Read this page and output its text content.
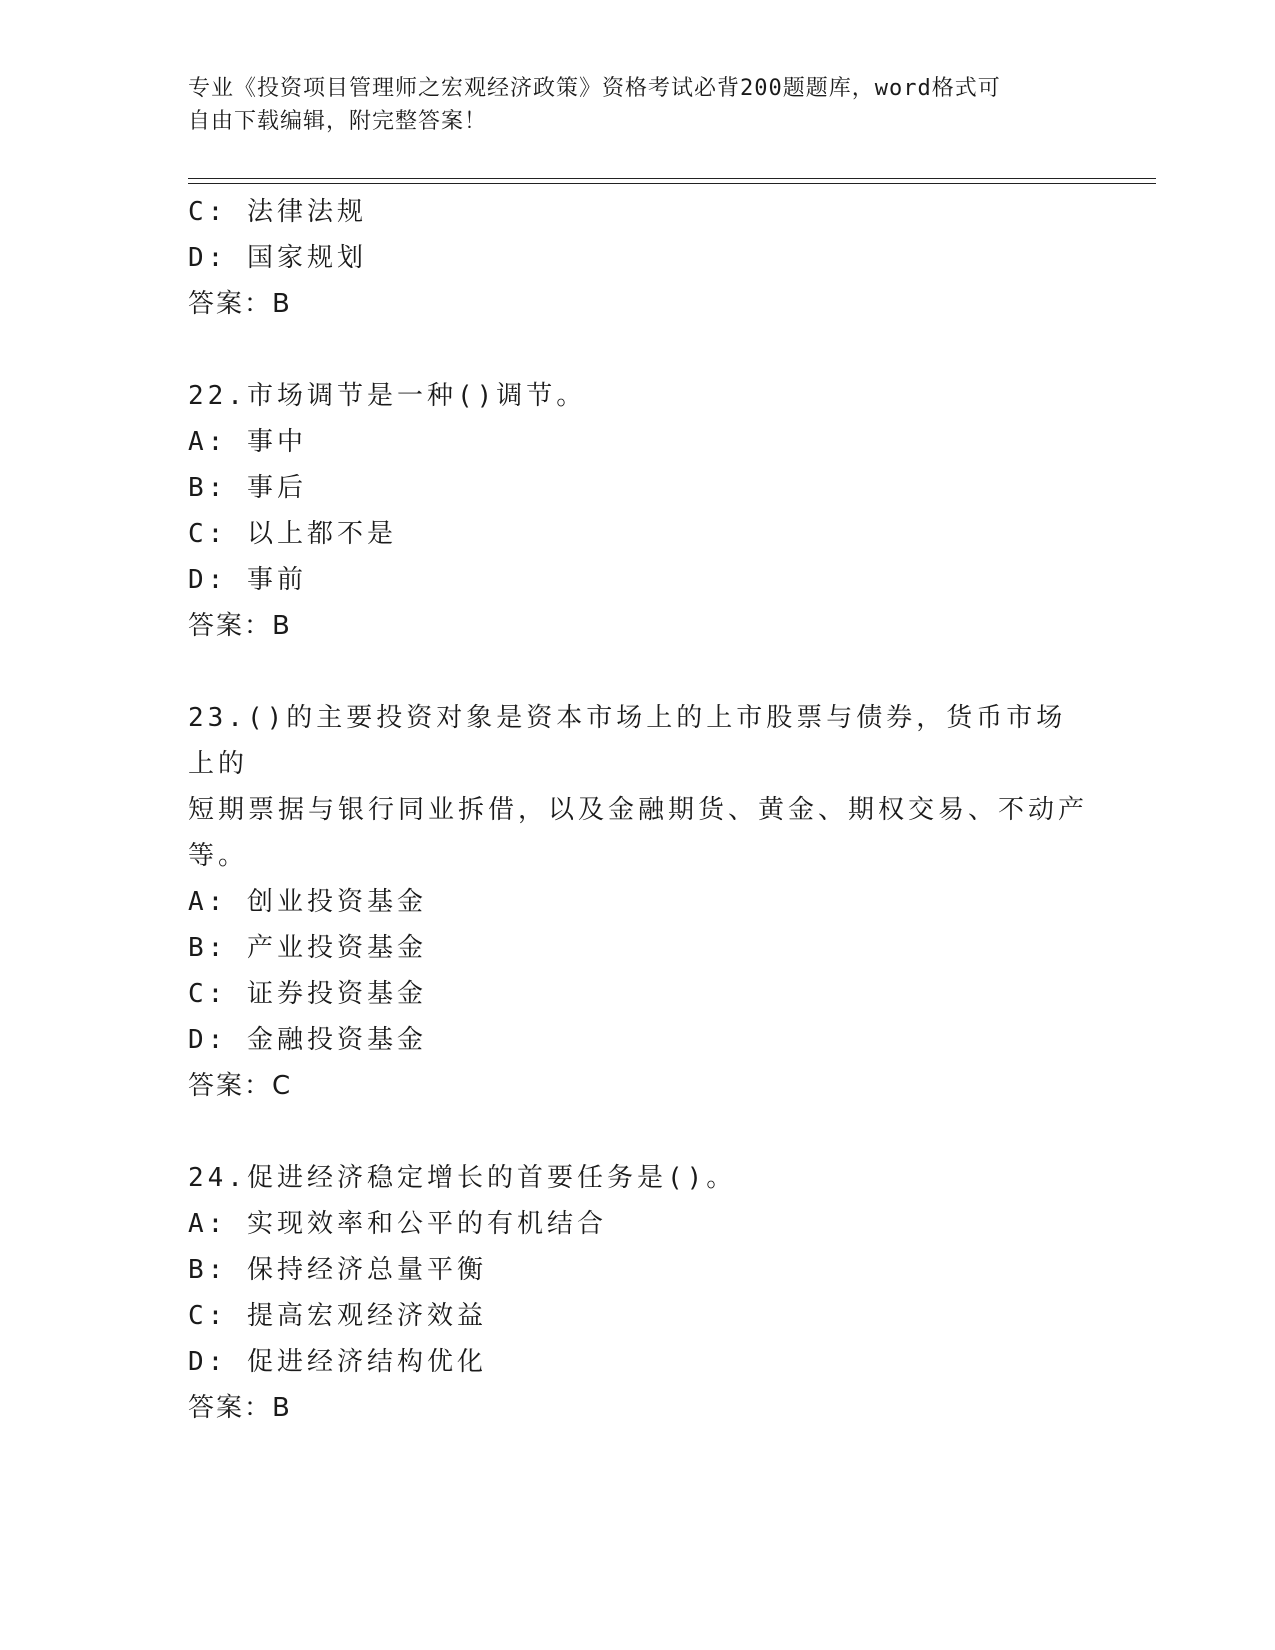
专业《投资项目管理师之宏观经济政策》资格考试必背200题题库，word格式可
自由下载编辑，附完整答案！
C: 法律法规
D: 国家规划
答案：B
22.市场调节是一种()调节。
A: 事中
B: 事后
C: 以上都不是
D: 事前
答案：B
23.()的主要投资对象是资本市场上的上市股票与债券，货币市场上的
短期票据与银行同业拆借，以及金融期货、黄金、期权交易、不动产
等。
A: 创业投资基金
B: 产业投资基金
C: 证券投资基金
D: 金融投资基金
答案：C
24.促进经济稳定增长的首要任务是()。
A: 实现效率和公平的有机结合
B: 保持经济总量平衡
C: 提高宏观经济效益
D: 促进经济结构优化
答案：B
